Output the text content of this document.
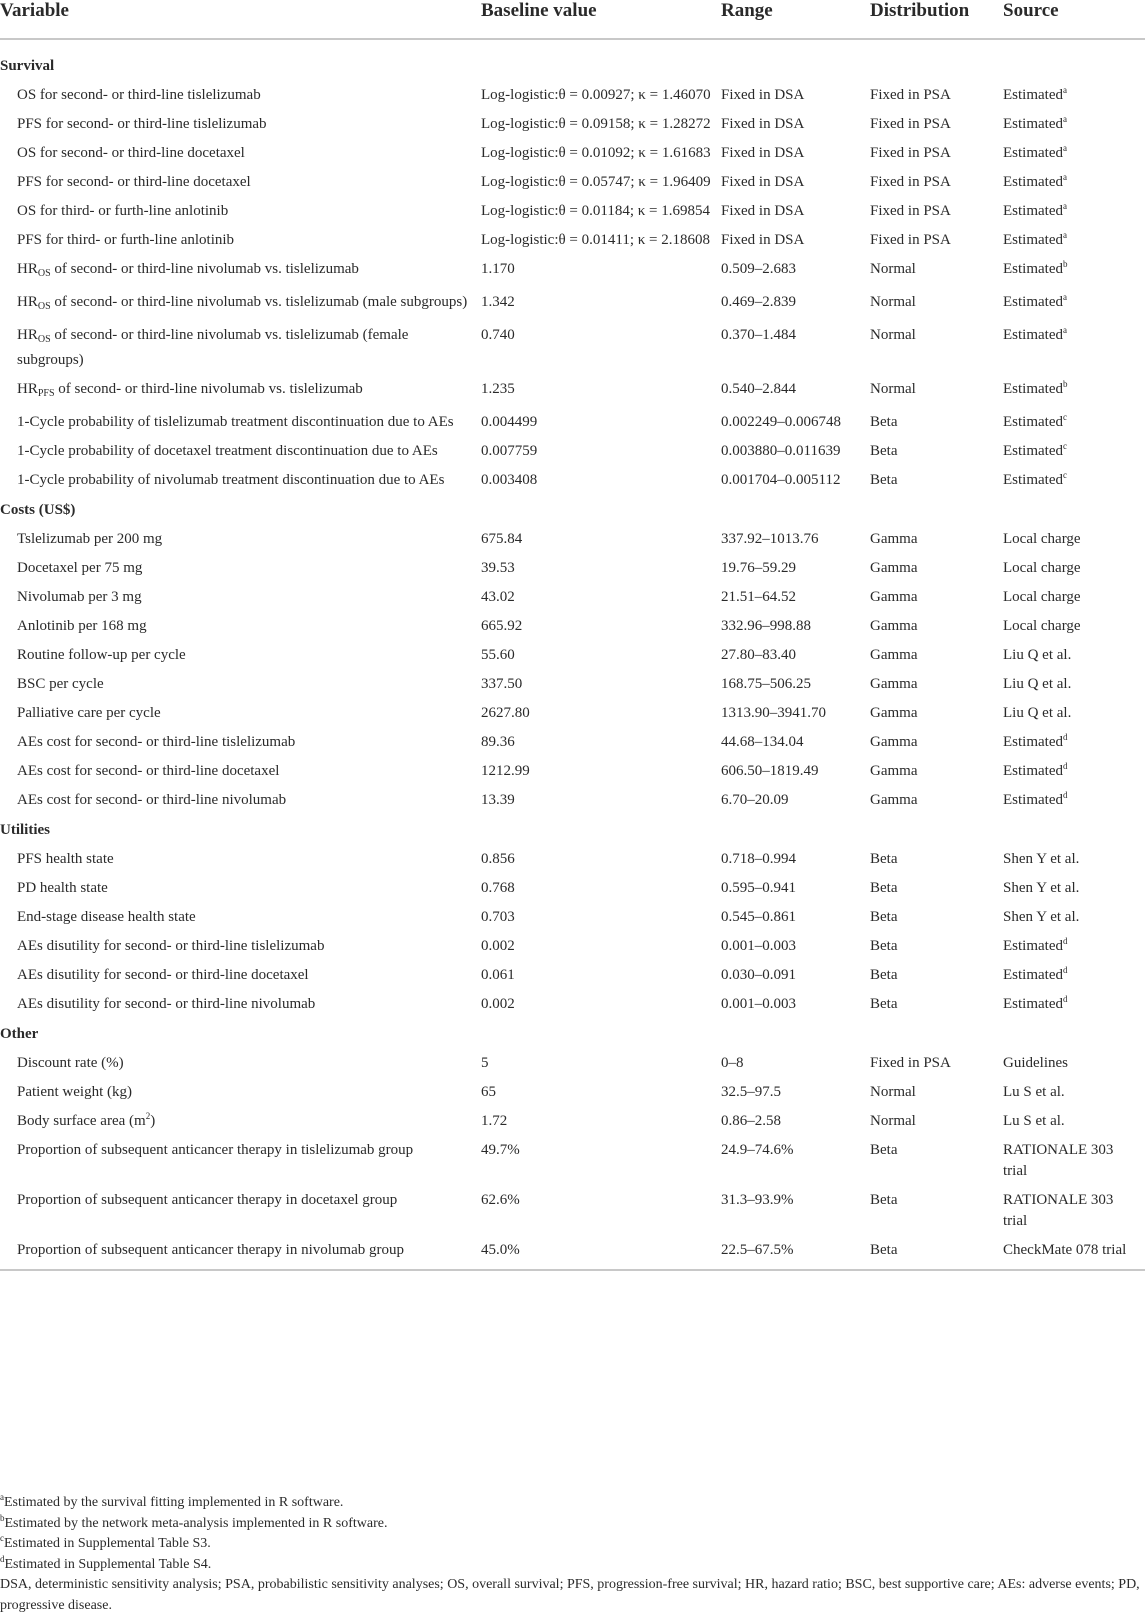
Variable	Baseline value	Range	Distribution	Source
Survival				
OS for second- or third-line tislelizumab	Log-logistic:θ = 0.00927; κ = 1.46070	Fixed in DSA	Fixed in PSA	Estimated$^a$
PFS for second- or third-line tislelizumab	Log-logistic:θ = 0.09158; κ = 1.28272	Fixed in DSA	Fixed in PSA	Estimated$^a$
OS for second- or third-line docetaxel	Log-logistic:θ = 0.01092; κ = 1.61683	Fixed in DSA	Fixed in PSA	Estimated$^a$
PFS for second- or third-line docetaxel	Log-logistic:θ = 0.05747; κ = 1.96409	Fixed in DSA	Fixed in PSA	Estimated$^a$
OS for third- or furth-line anlotinib	Log-logistic:θ = 0.01184; κ = 1.69854	Fixed in DSA	Fixed in PSA	Estimated$^a$
PFS for third- or furth-line anlotinib	Log-logistic:θ = 0.01411; κ = 2.18608	Fixed in DSA	Fixed in PSA	Estimated$^a$
$HR_{OS}$ of second- or third-line nivolumab vs. tislelizumab	1.170	0.509–2.683	Normal	Estimated$^b$
$HR_{OS}$ of second- or third-line nivolumab vs. tislelizumab (male subgroups)	1.342	0.469–2.839	Normal	Estimated$^a$
$HR_{OS}$ of second- or third-line nivolumab vs. tislelizumab (female subgroups)	0.740	0.370–1.484	Normal	Estimated$^a$
$HR_{PFS}$ of second- or third-line nivolumab vs. tislelizumab	1.235	0.540–2.844	Normal	Estimated$^b$
1-Cycle probability of tislelizumab treatment discontinuation due to AEs	0.004499	0.002249–0.006748	Beta	Estimated$^c$
1-Cycle probability of docetaxel treatment discontinuation due to AEs	0.007759	0.003880–0.011639	Beta	Estimated$^c$
1-Cycle probability of nivolumab treatment discontinuation due to AEs	0.003408	0.001704–0.005112	Beta	Estimated$^c$
Costs (US$)				
Tslelizumab per 200 mg	675.84	337.92–1013.76	Gamma	Local charge
Docetaxel per 75 mg	39.53	19.76–59.29	Gamma	Local charge
Nivolumab per 3 mg	43.02	21.51–64.52	Gamma	Local charge
Anlotinib per 168 mg	665.92	332.96–998.88	Gamma	Local charge
Routine follow-up per cycle	55.60	27.80–83.40	Gamma	Liu Q et al.
BSC per cycle	337.50	168.75–506.25	Gamma	Liu Q et al.
Palliative care per cycle	2627.80	1313.90–3941.70	Gamma	Liu Q et al.
AEs cost for second- or third-line tislelizumab	89.36	44.68–134.04	Gamma	Estimated$^d$
AEs cost for second- or third-line docetaxel	1212.99	606.50–1819.49	Gamma	Estimated$^d$
AEs cost for second- or third-line nivolumab	13.39	6.70–20.09	Gamma	Estimated$^d$
Utilities				
PFS health state	0.856	0.718–0.994	Beta	Shen Y et al.
PD health state	0.768	0.595–0.941	Beta	Shen Y et al.
End-stage disease health state	0.703	0.545–0.861	Beta	Shen Y et al.
AEs disutility for second- or third-line tislelizumab	0.002	0.001–0.003	Beta	Estimated$^d$
AEs disutility for second- or third-line docetaxel	0.061	0.030–0.091	Beta	Estimated$^d$
AEs disutility for second- or third-line nivolumab	0.002	0.001–0.003	Beta	Estimated$^d$
Other				
Discount rate (%)	5	0–8	Fixed in PSA	Guidelines
Patient weight (kg)	65	32.5–97.5	Normal	Lu S et al.
Body surface area $(m^2)$	1.72	0.86–2.58	Normal	Lu S et al.
Proportion of subsequent anticancer therapy in tislelizumab group	49.7%	24.9–74.6%	Beta	RATIONALE 303 trial
Proportion of subsequent anticancer therapy in docetaxel group	62.6%	31.3–93.9%	Beta	RATIONALE 303 trial
Proportion of subsequent anticancer therapy in nivolumab group	45.0%	22.5–67.5%	Beta	CheckMate 078 trial
$^a$Estimated by the survival fitting implemented in R software.
$^b$Estimated by the network meta-analysis implemented in R software.
$^c$Estimated in Supplemental Table S3.
$^d$Estimated in Supplemental Table S4.
DSA, deterministic sensitivity analysis; PSA, probabilistic sensitivity analyses; OS, overall survival; PFS, progression-free survival; HR, hazard ratio; BSC, best supportive care; AEs: adverse events; PD, progressive disease.
